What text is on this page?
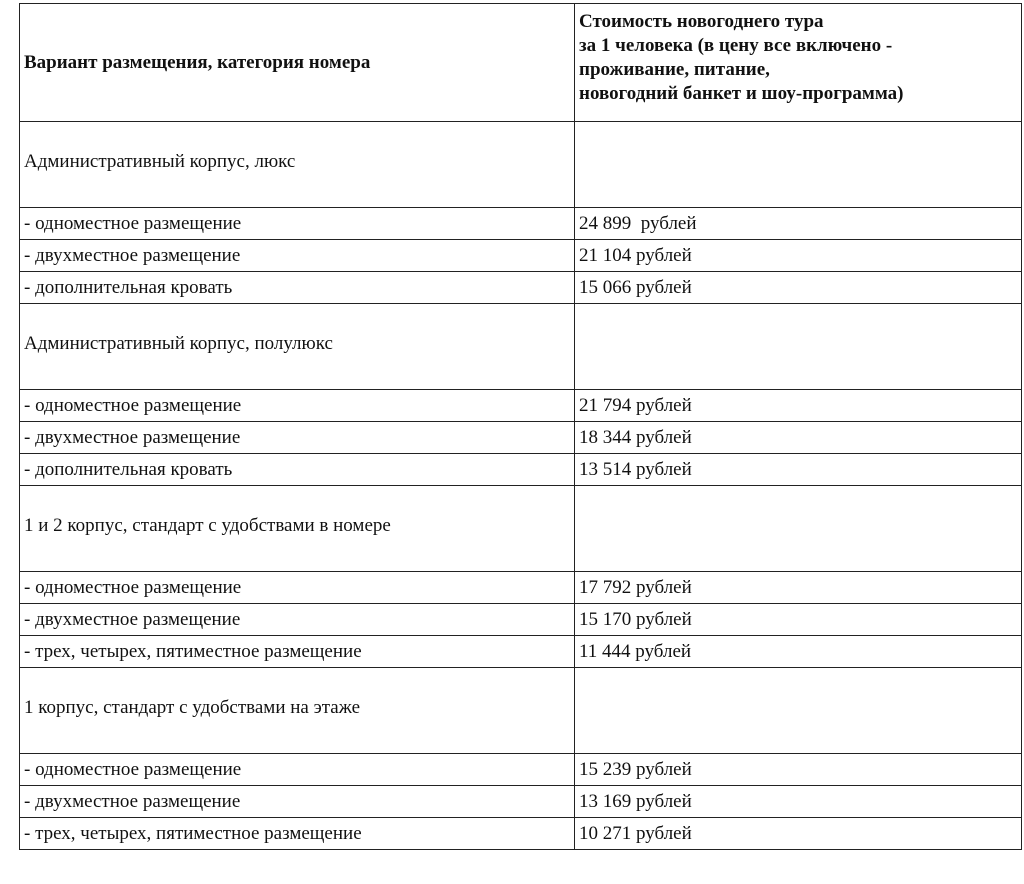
Вариант размещения, категория номера	Стоимость новогоднего тура
за 1 человека (в цену все включено -
проживание, питание,
новогодний банкет и шоу-программа)

Административный корпус, люкс	
- одноместное размещение	24 899  рублей
- двухместное размещение	21 104 рублей
- дополнительная кровать	15 066 рублей
Административный корпус, полулюкс	
- одноместное размещение	21 794 рублей
- двухместное размещение	18 344 рублей
- дополнительная кровать	13 514 рублей
1 и 2 корпус, стандарт с удобствами в номере	
- одноместное размещение	17 792 рублей
- двухместное размещение	15 170 рублей
- трех, четырех, пятиместное размещение	11 444 рублей
1 корпус, стандарт с удобствами на этаже	
- одноместное размещение	15 239 рублей
- двухместное размещение	13 169 рублей
- трех, четырех, пятиместное размещение	10 271 рублей
